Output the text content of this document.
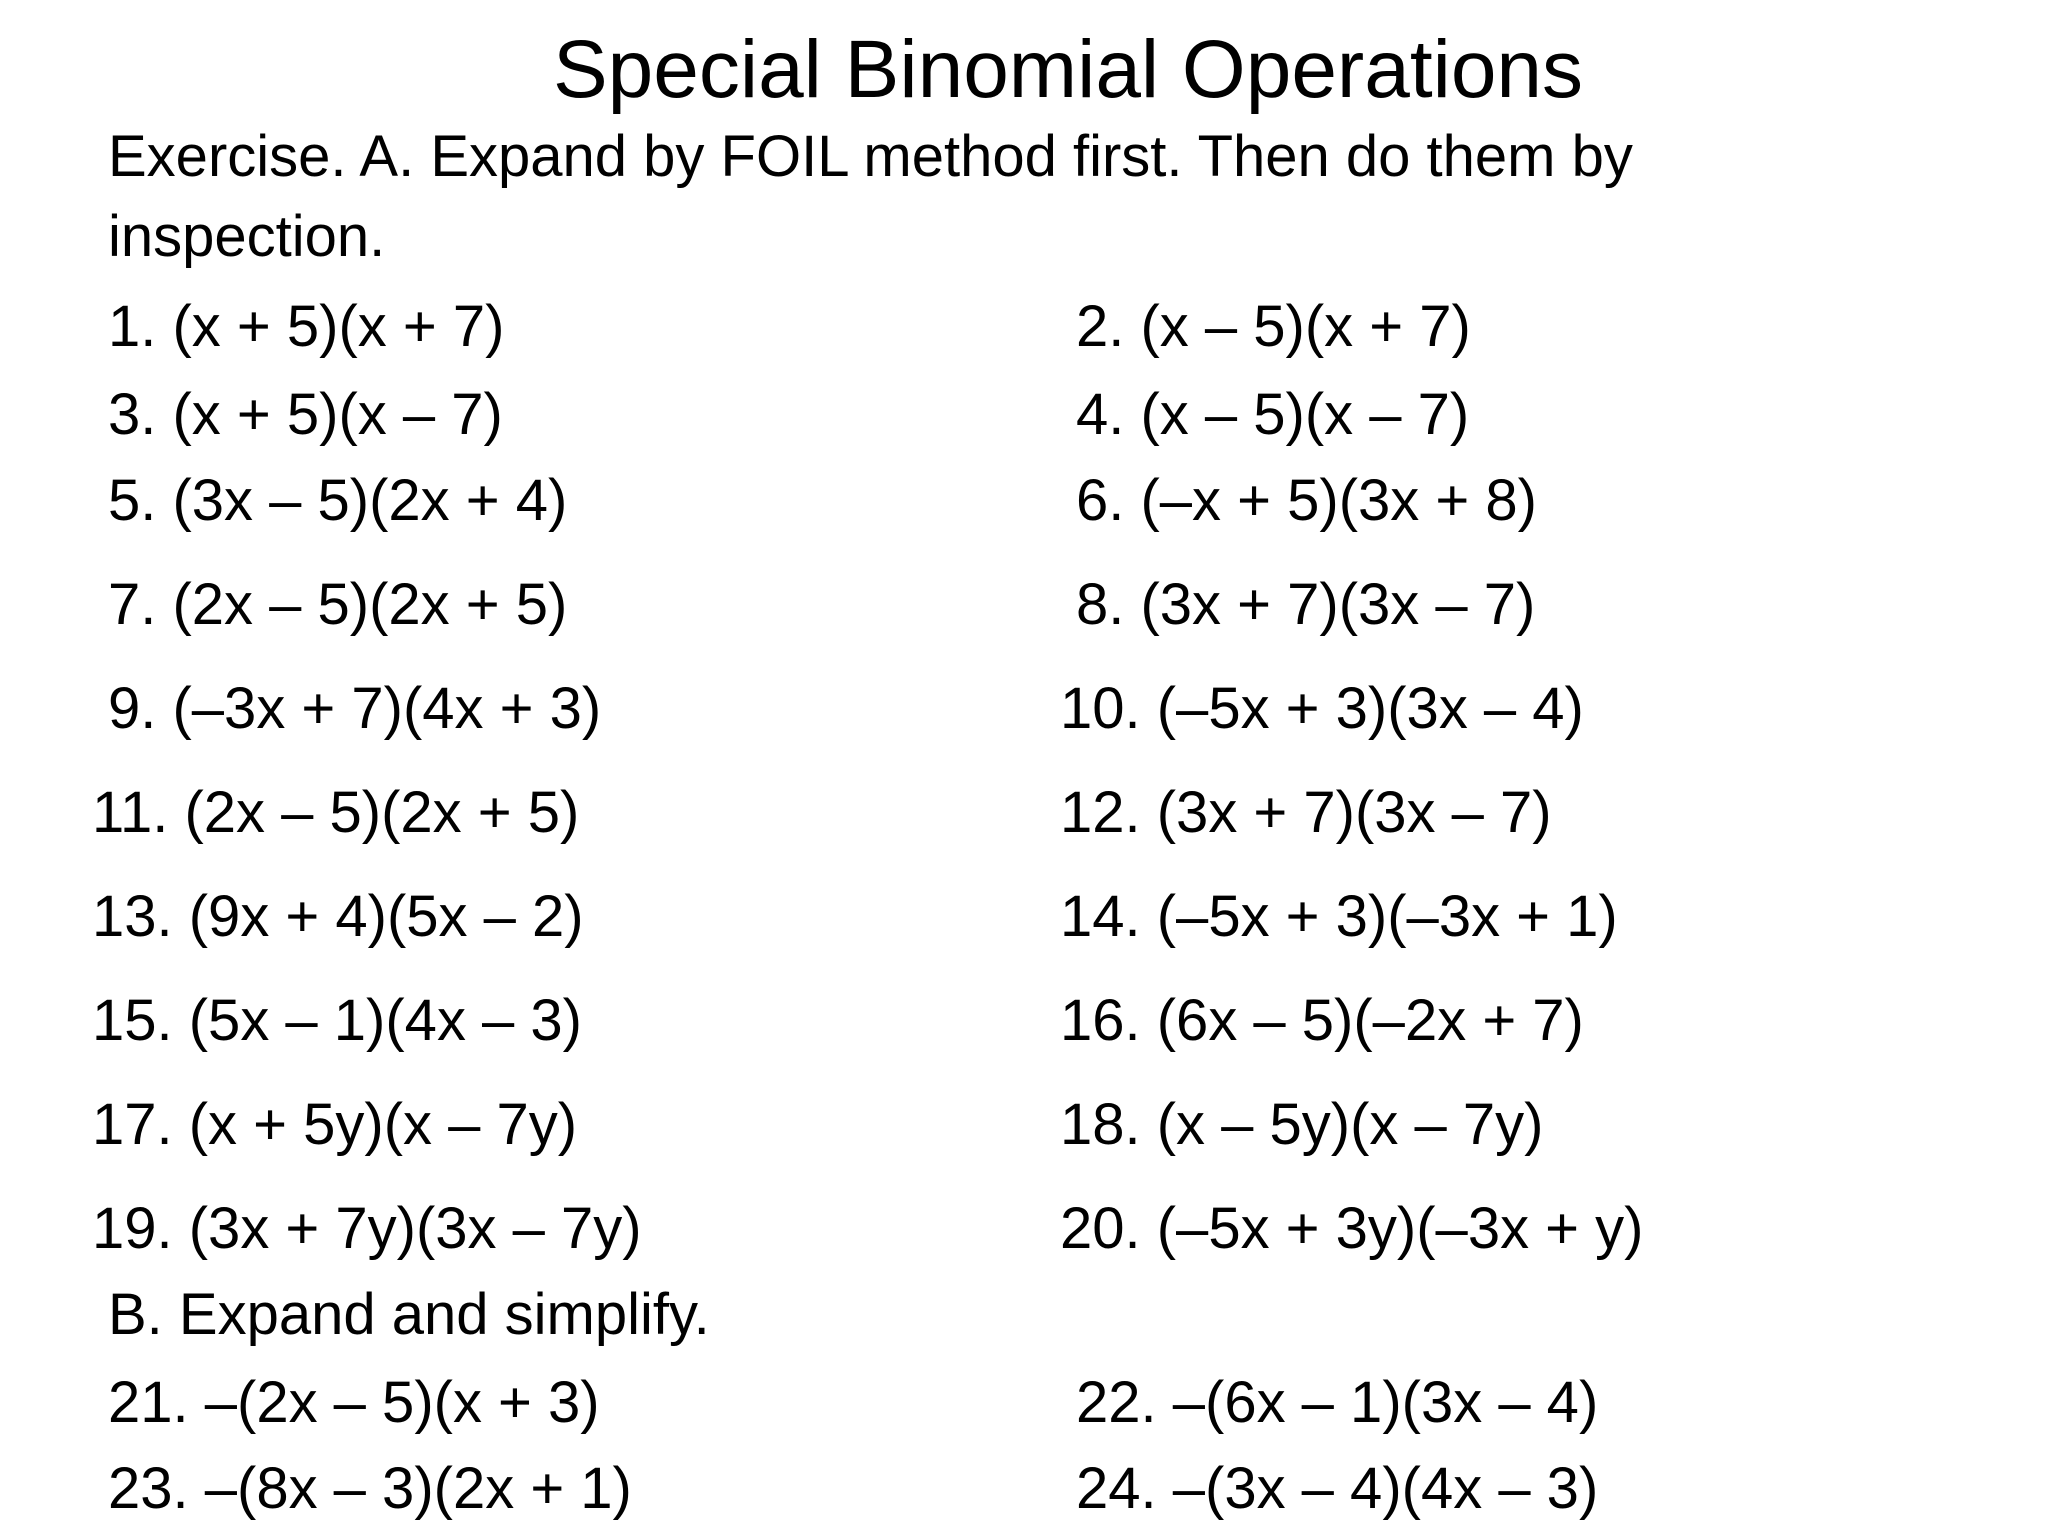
Special Binomial Operations
Exercise. A. Expand by FOIL method first. Then do them by
inspection.
1. (x + 5)(x + 7)
3. (x + 5)(x – 7)
5. (3x – 5)(2x + 4)
7. (2x – 5)(2x + 5)
9. (–3x + 7)(4x + 3)
11. (2x – 5)(2x + 5)
13. (9x + 4)(5x – 2)
15. (5x – 1)(4x – 3)
17. (x + 5y)(x – 7y)
19. (3x + 7y)(3x – 7y)
2. (x – 5)(x + 7)
4. (x – 5)(x – 7)
6. (–x + 5)(3x + 8)
8. (3x + 7)(3x – 7)
10. (–5x + 3)(3x – 4)
12. (3x + 7)(3x – 7)
14. (–5x + 3)(–3x + 1)
16. (6x – 5)(–2x + 7)
18. (x – 5y)(x – 7y)
20. (–5x + 3y)(–3x + y)
B. Expand and simplify.
21. –(2x – 5)(x + 3)	22. –(6x – 1)(3x – 4)
23. –(8x – 3)(2x + 1)	24. –(3x – 4)(4x – 3)
